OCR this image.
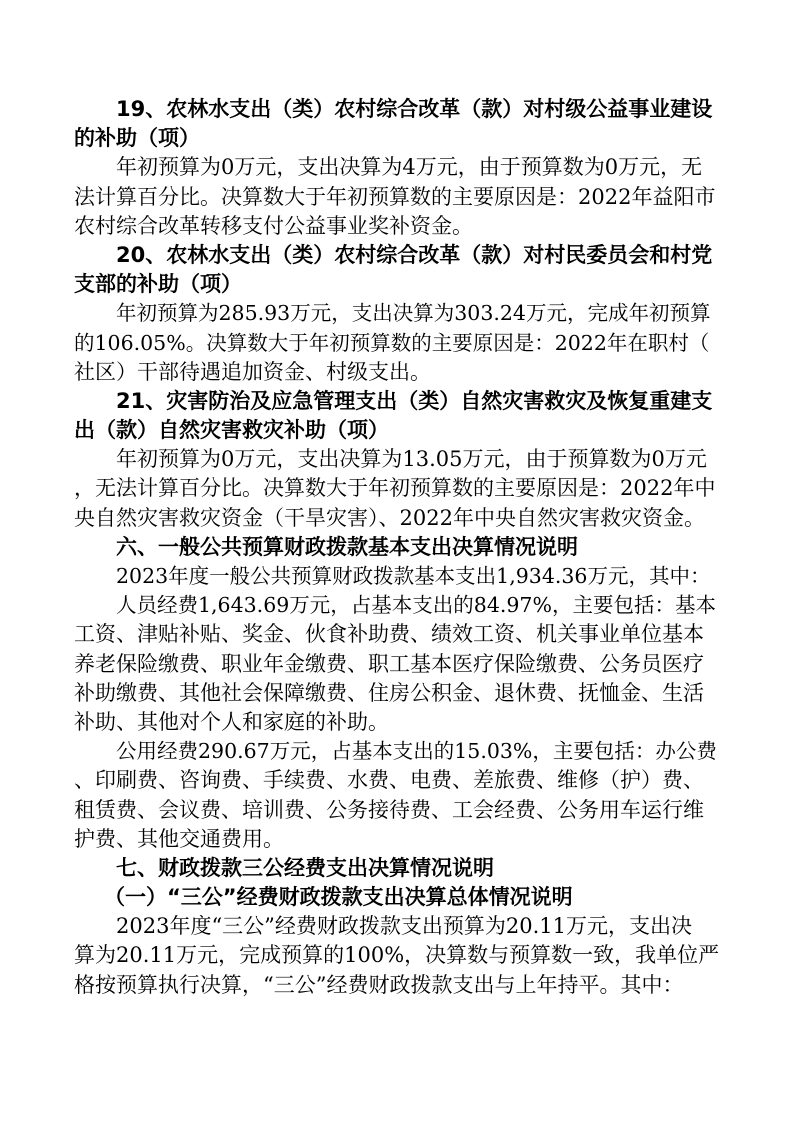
19、农林水支出（类）农村综合改革（款）对村级公益事业建设
的补助（项）
年初预算为0万元，支出决算为4万元，由于预算数为0万元，无
法计算百分比。决算数大于年初预算数的主要原因是：2022年益阳市
农村综合改革转移支付公益事业奖补资金。
20、农林水支出（类）农村综合改革（款）对村民委员会和村党
支部的补助（项）
年初预算为285.93万元，支出决算为303.24万元，完成年初预算
的106.05%。决算数大于年初预算数的主要原因是：2022年在职村（
社区）干部待遇追加资金、村级支出。
21、灾害防治及应急管理支出（类）自然灾害救灾及恢复重建支
出（款）自然灾害救灾补助（项）
年初预算为0万元，支出决算为13.05万元，由于预算数为0万元
，无法计算百分比。决算数大于年初预算数的主要原因是：2022年中
央自然灾害救灾资金（干旱灾害）、2022年中央自然灾害救灾资金。
六、一般公共预算财政拨款基本支出决算情况说明
2023年度一般公共预算财政拨款基本支出1,934.36万元，其中：
人员经费1,643.69万元，占基本支出的84.97%，主要包括：基本
工资、津贴补贴、奖金、伙食补助费、绩效工资、机关事业单位基本
养老保险缴费、职业年金缴费、职工基本医疗保险缴费、公务员医疗
补助缴费、其他社会保障缴费、住房公积金、退休费、抚恤金、生活
补助、其他对个人和家庭的补助。
公用经费290.67万元，占基本支出的15.03%，主要包括：办公费
、印刷费、咨询费、手续费、水费、电费、差旅费、维修（护）费、
租赁费、会议费、培训费、公务接待费、工会经费、公务用车运行维
护费、其他交通费用。
七、财政拨款三公经费支出决算情况说明
（一）“三公”经费财政拨款支出决算总体情况说明
2023年度“三公”经费财政拨款支出预算为20.11万元，支出决
算为20.11万元，完成预算的100%，决算数与预算数一致，我单位严
格按预算执行决算，“三公”经费财政拨款支出与上年持平。其中：
